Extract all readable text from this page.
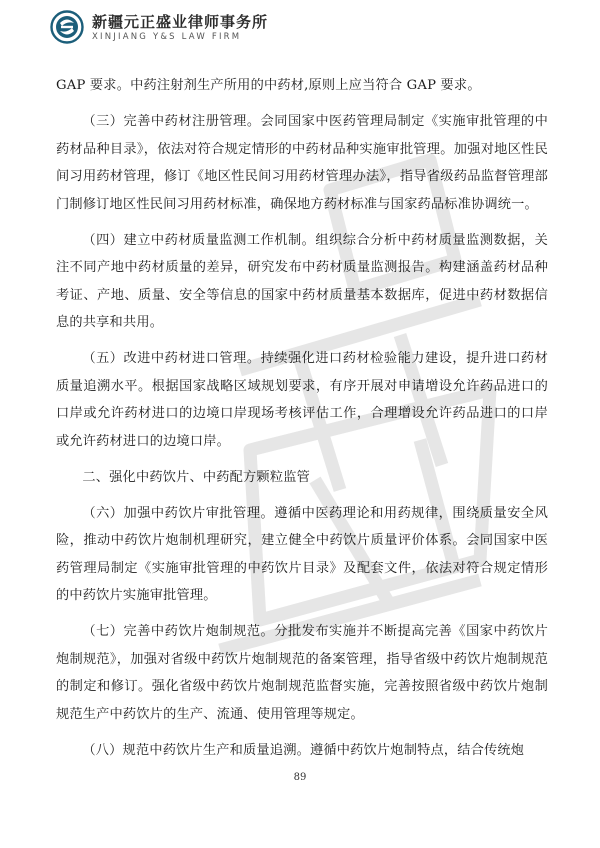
新疆元正盛业律师事务所
XINJIANG Y&S LAW FIRM

GAP 要求。中药注射剂生产所用的中药材,原则上应当符合 GAP 要求。

（三）完善中药材注册管理。会同国家中医药管理局制定《实施审批管理的中药材品种目录》，依法对符合规定情形的中药材品种实施审批管理。加强对地区性民间习用药材管理，修订《地区性民间习用药材管理办法》，指导省级药品监督管理部门制修订地区性民间习用药材标准，确保地方药材标准与国家药品标准协调统一。

（四）建立中药材质量监测工作机制。组织综合分析中药材质量监测数据，关注不同产地中药材质量的差异，研究发布中药材质量监测报告。构建涵盖药材品种考证、产地、质量、安全等信息的国家中药材质量基本数据库，促进中药材数据信息的共享和共用。

（五）改进中药材进口管理。持续强化进口药材检验能力建设，提升进口药材质量追溯水平。根据国家战略区域规划要求，有序开展对申请增设允许药品进口的口岸或允许药材进口的边境口岸现场考核评估工作，合理增设允许药品进口的口岸或允许药材进口的边境口岸。

二、强化中药饮片、中药配方颗粒监管

（六）加强中药饮片审批管理。遵循中医药理论和用药规律，围绕质量安全风险，推动中药饮片炮制机理研究，建立健全中药饮片质量评价体系。会同国家中医药管理局制定《实施审批管理的中药饮片目录》及配套文件，依法对符合规定情形的中药饮片实施审批管理。

（七）完善中药饮片炮制规范。分批发布实施并不断提高完善《国家中药饮片炮制规范》，加强对省级中药饮片炮制规范的备案管理，指导省级中药饮片炮制规范的制定和修订。强化省级中药饮片炮制规范监督实施，完善按照省级中药饮片炮制规范生产中药饮片的生产、流通、使用管理等规定。

（八）规范中药饮片生产和质量追溯。遵循中药饮片炮制特点，结合传统炮

89
